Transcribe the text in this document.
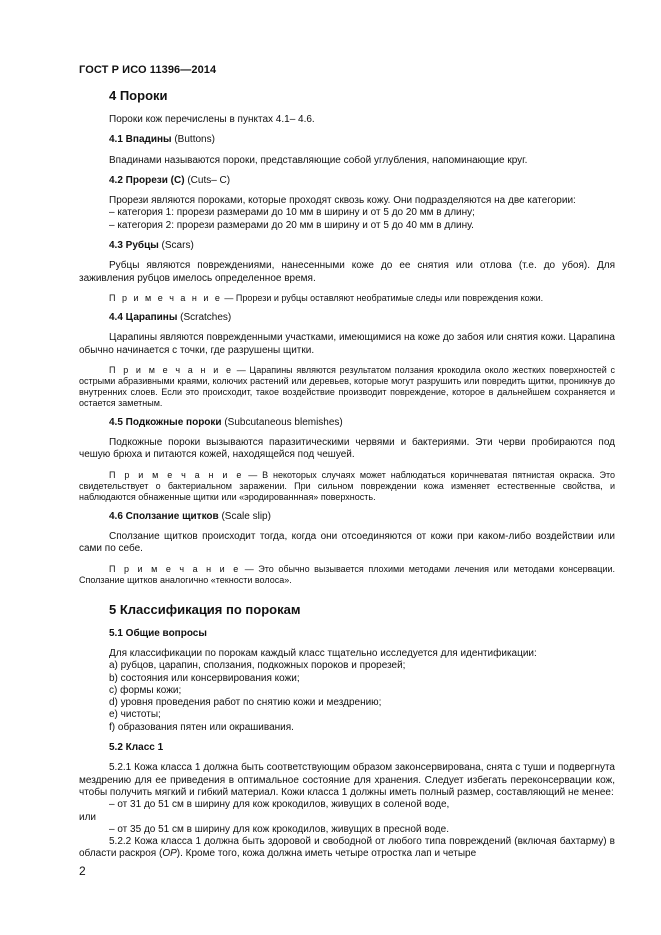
ГОСТ Р ИСО 11396—2014

4 Пороки

Пороки кож перечислены в пунктах 4.1– 4.6.

4.1 Впадины (Buttons)

Впадинами называются пороки, представляющие собой углубления, напоминающие круг.

4.2 Прорези (С) (Cuts– C)

Прорези являются пороками, которые проходят сквозь кожу. Они подразделяются на две категории:

– категория 1: прорези размерами до 10 мм в ширину и от 5 до 20 мм в длину;

– категория 2: прорези размерами до 20 мм в ширину и от 5 до 40 мм в длину.

4.3 Рубцы (Scars)

Рубцы являются повреждениями, нанесенными коже до ее снятия или отлова (т.е. до убоя). Для заживления рубцов имелось определенное время.

П р и м е ч а н и е — Прорези и рубцы оставляют необратимые следы или повреждения кожи.

4.4 Царапины (Scratches)

Царапины являются поврежденными участками, имеющимися на коже до забоя или снятия кожи. Царапина обычно начинается с точки, где разрушены щитки.

П р и м е ч а н и е — Царапины являются результатом ползания крокодила около жестких поверхностей с острыми абразивными краями, колючих растений или деревьев, которые могут разрушить или повредить щитки, проникнув до внутренних слоев. Если это происходит, такое воздействие производит повреждение, которое в дальнейшем сохраняется и остается заметным.

4.5 Подкожные пороки (Subcutaneous blemishes)

Подкожные пороки вызываются паразитическими червями и бактериями. Эти черви пробираются под чешую брюха и питаются кожей, находящейся под чешуей.

П р и м е ч а н и е — В некоторых случаях может наблюдаться коричневатая пятнистая окраска. Это свидетельствует о бактериальном заражении. При сильном повреждении кожа изменяет естественные свойства, и наблюдаются обнаженные щитки или «эродированнная» поверхность.

4.6 Сползание щитков (Scale slip)

Сползание щитков происходит тогда, когда они отсоединяются от кожи при каком-либо воздействии или сами по себе.

П р и м е ч а н и е — Это обычно вызывается плохими методами лечения или методами консервации. Сползание щитков аналогично «текности волоса».

5 Классификация по порокам

5.1 Общие вопросы

Для классификации по порокам каждый класс тщательно исследуется для идентификации:

a) рубцов, царапин, сползания, подкожных пороков и прорезей;

b) состояния или консервирования кожи;

c) формы кожи;

d) уровня проведения работ по снятию кожи и мездрению;

e) чистоты;

f) образования пятен или окрашивания.

5.2 Класс 1

5.2.1 Кожа класса 1 должна быть соответствующим образом законсервирована, снята с туши и подвергнута мездрению для ее приведения в оптимальное состояние для хранения. Следует избегать переконсервации кож, чтобы получить мягкий и гибкий материал. Кожи класса 1 должны иметь полный размер, составляющий не менее:

– от 31 до 51 см в ширину для кож крокодилов, живущих в соленой воде,

или

– от 35 до 51 см в ширину для кож крокодилов, живущих в пресной воде.

5.2.2 Кожа класса 1 должна быть здоровой и свободной от любого типа повреждений (включая бахтарму) в области раскроя (ОР). Кроме того, кожа должна иметь четыре отростка лап и четыре

2
